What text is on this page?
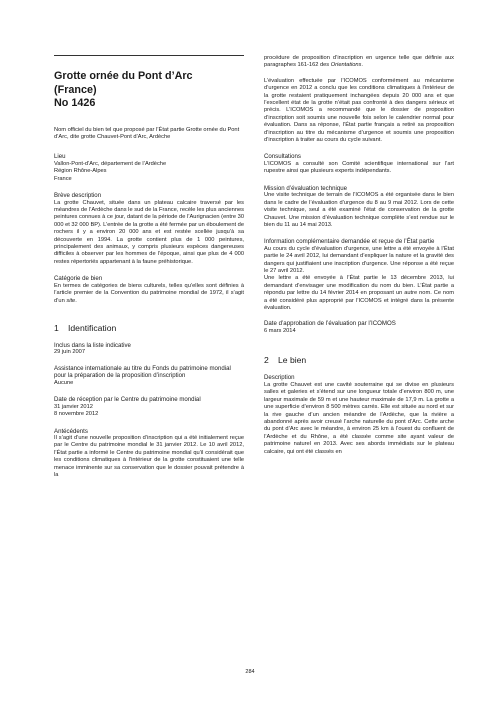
Grotte ornée du Pont d’Arc
(France)
No 1426

Nom officiel du bien tel que proposé par l’État partie Grotte ornée du Pont d’Arc, dite grotte Chauvet-Pont d’Arc, Ardèche

Lieu
Vallon-Pont-d’Arc, département de l’Ardèche
Région Rhône-Alpes
France
Brève description

La grotte Chauvet, située dans un plateau calcaire traversé par les méandres de l’Ardèche dans le sud de la France, recèle les plus anciennes peintures connues à ce jour, datant de la période de l’Aurignacien (entre 30 000 et 32 000 BP). L’entrée de la grotte a été fermée par un éboulement de rochers il y a environ 20 000 ans et est restée scellée jusqu’à sa découverte en 1994. La grotte contient plus de 1 000 peintures, principalement des animaux, y compris plusieurs espèces dangereuses difficiles à observer par les hommes de l’époque, ainsi que plus de 4 000 restes répertoriés appartenant à la faune préhistorique.

Catégorie de bien

En termes de catégories de biens culturels, telles qu’elles sont définies à l’article premier de la Convention du patrimoine mondial de 1972, il s’agit d’un site.

1 Identification
Inclus dans la liste indicative
29 juin 2007
Assistance internationale au titre du Fonds du patrimoine mondial pour la préparation de la proposition d’inscription
Aucune
Date de réception par le Centre du patrimoine mondial
31 janvier 2012
8 novembre 2012
Antécédents

Il s’agit d’une nouvelle proposition d’inscription qui a été initialement reçue par le Centre du patrimoine mondial le 31 janvier 2012. Le 10 avril 2012, l’État partie a informé le Centre du patrimoine mondial qu’il considérait que les conditions climatiques à l’intérieur de la grotte constituaient une telle menace imminente sur sa conservation que le dossier pouvait prétendre à la

procédure de proposition d’inscription en urgence telle que définie aux paragraphes 161-162 des Orientations.

L’évaluation effectuée par l’ICOMOS conformément au mécanisme d’urgence en 2012 a conclu que les conditions climatiques à l’intérieur de la grotte restaient pratiquement inchangées depuis 20 000 ans et que l’excellent état de la grotte n’était pas confronté à des dangers sérieux et précis. L’ICOMOS a recommandé que le dossier de proposition d’inscription soit soumis une nouvelle fois selon le calendrier normal pour évaluation. Dans sa réponse, l’État partie français a retiré sa proposition d’inscription au titre du mécanisme d’urgence et soumis une proposition d’inscription à traiter au cours du cycle suivant.

Consultations

L’ICOMOS a consulté son Comité scientifique international sur l’art rupestre ainsi que plusieurs experts indépendants.

Mission d’évaluation technique

Une visite technique de terrain de l’ICOMOS a été organisée dans le bien dans le cadre de l’évaluation d’urgence du 8 au 9 mai 2012. Lors de cette visite technique, seul a été examiné l’état de conservation de la grotte Chauvet. Une mission d’évaluation technique complète s’est rendue sur le bien du 11 au 14 mai 2013.

Information complémentaire demandée et reçue de l’État partie

Au cours du cycle d’évaluation d’urgence, une lettre a été envoyée à l’État partie le 24 avril 2012, lui demandant d’expliquer la nature et la gravité des dangers qui justifiaient une inscription d’urgence. Une réponse a été reçue le 27 avril 2012.

Une lettre a été envoyée à l’État partie le 13 décembre 2013, lui demandant d’envisager une modification du nom du bien. L’État partie a répondu par lettre du 14 février 2014 en proposant un autre nom. Ce nom a été considéré plus approprié par l’ICOMOS et intégré dans la présente évaluation.

Date d’approbation de l’évaluation par l’ICOMOS
6 mars 2014
2 Le bien
Description

La grotte Chauvet est une cavité souterraine qui se divise en plusieurs salles et galeries et s’étend sur une longueur totale d’environ 800 m, une largeur maximale de 59 m et une hauteur maximale de 17,9 m. La grotte a une superficie d’environ 8 500 mètres carrés. Elle est située au nord et sur la rive gauche d’un ancien méandre de l’Ardèche, que la rivière a abandonné après avoir creusé l’arche naturelle du pont d’Arc. Cette arche du pont d’Arc avec le méandre, à environ 25 km à l’ouest du confluent de l’Ardèche et du Rhône, a été classée comme site ayant valeur de patrimoine naturel en 2013. Avec ses abords immédiats sur le plateau calcaire, qui ont été classés en

284
